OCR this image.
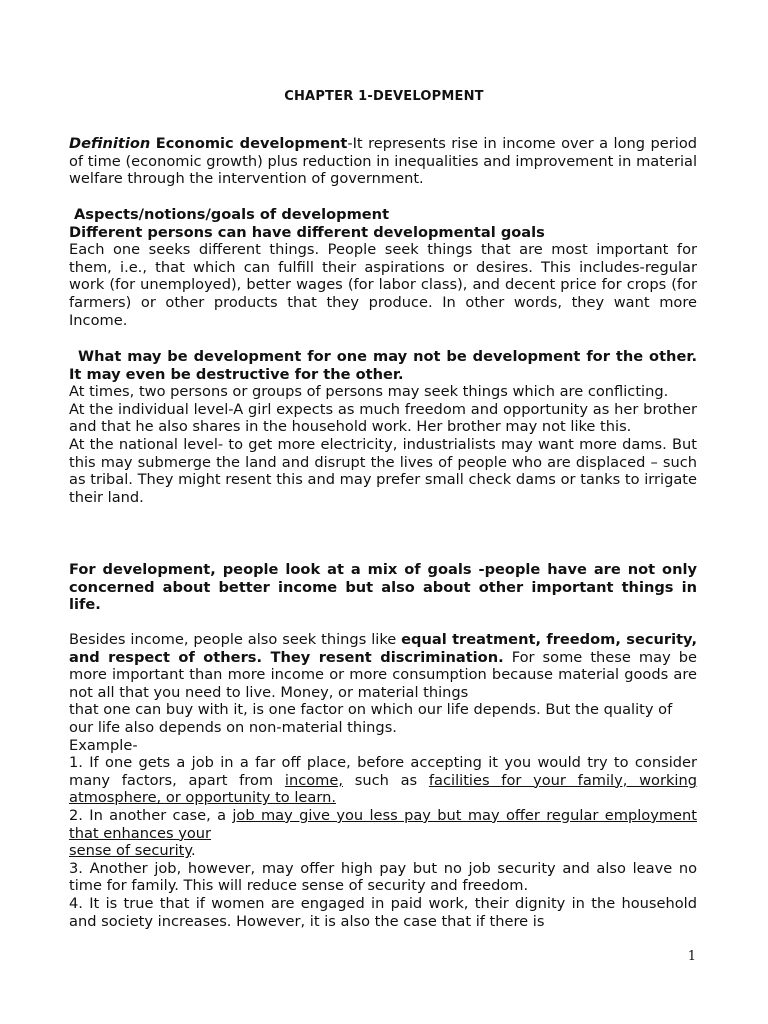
CHAPTER 1-DEVELOPMENT
Definition Economic development-It represents rise in income over a long period of time (economic growth) plus reduction in inequalities and improvement in material welfare through the intervention of government.

Aspects/notions/goals of development

Different persons can have different developmental goals

Each one seeks different things. People seek things that are most important for them, i.e., that which can fulfill their aspirations or desires. This includes-regular work (for unemployed), better wages (for labor class), and decent price for crops (for farmers) or other products that they produce. In other words, they want more Income.

What may be development for one may not be development for the other. It may even be destructive for the other.

At times, two persons or groups of persons may seek things which are conflicting.

At the individual level-A girl expects as much freedom and opportunity as her brother and that he also shares in the household work. Her brother may not like this.

At the national level- to get more electricity, industrialists may want more dams. But this may submerge the land and disrupt the lives of people who are displaced – such as tribal. They might resent this and may prefer small check dams or tanks to irrigate their land.

For development, people look at a mix of goals -people have are not only concerned about better income but also about other important things in life.

Besides income, people also seek things like equal treatment, freedom, security, and respect of others. They resent discrimination. For some these may be more important than more income or more consumption because material goods are not all that you need to live. Money, or material things

that one can buy with it, is one factor on which our life depends. But the quality of our life also depends on non-material things.

Example-

1. If one gets a job in a far off place, before accepting it you would try to consider many factors, apart from income, such as facilities for your family, working atmosphere, or opportunity to learn.

2. In another case, a job may give you less pay but may offer regular employment that enhances your

sense of security.

3. Another job, however, may offer high pay but no job security and also leave no time for family. This will reduce sense of security and freedom.

4. It is true that if women are engaged in paid work, their dignity in the household and society increases. However, it is also the case that if there is

1
